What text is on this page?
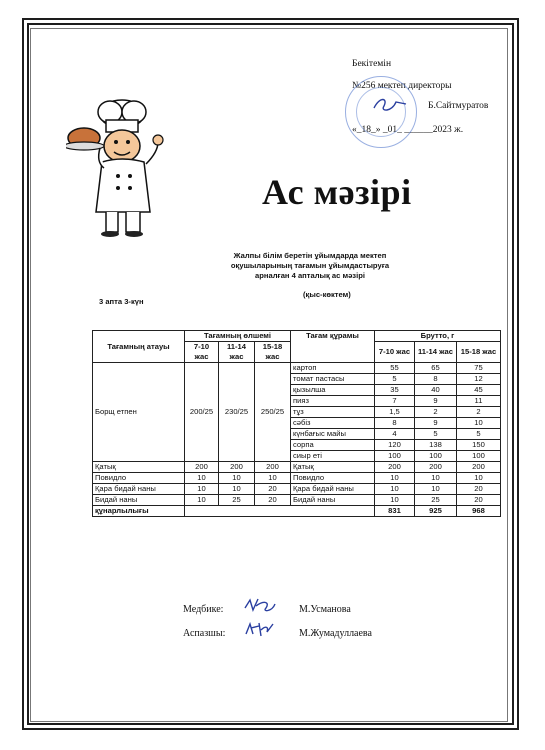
Бекітемін
№256 мектеп директоры
Б.Сайтмуратов
«_18_» _01_ ______2023 ж.
Ас мәзірі
Жалпы білім беретін ұйымдарда мектеп
оқушыларының тағамын ұйымдастыруға
арналған 4 апталық ас мәзірі
(қыс-көктем)
3 апта 3-күн
Тағамның атауы	Тағамның өлшемі			Тағам құрамы	Брутто, г		
	7-10 жас	11-14 жас	15-18 жас		7-10 жас	11-14 жас	15-18 жас
Борщ етпен	200/25	230/25	250/25	картоп	55	65	75
				томат пастасы	5	8	12
				қызылша	35	40	45
				пияз	7	9	11
				тұз	1,5	2	2
				сәбіз	8	9	10
				күнбағыс майы	4	5	5
				сорпа	120	138	150
				сиыр еті	100	100	100
Қатық	200	200	200	Қатық	200	200	200
Повидло	10	10	10	Повидло	10	10	10
Қара бидай наны	10	10	20	Қара бидай наны	10	10	20
Бидай наны	10	25	20	Бидай наны	10	25	20
құнарлылығы					831	925	968
Медбике:	М.Усманова
Аспазшы:	М.Жумадуллаева
